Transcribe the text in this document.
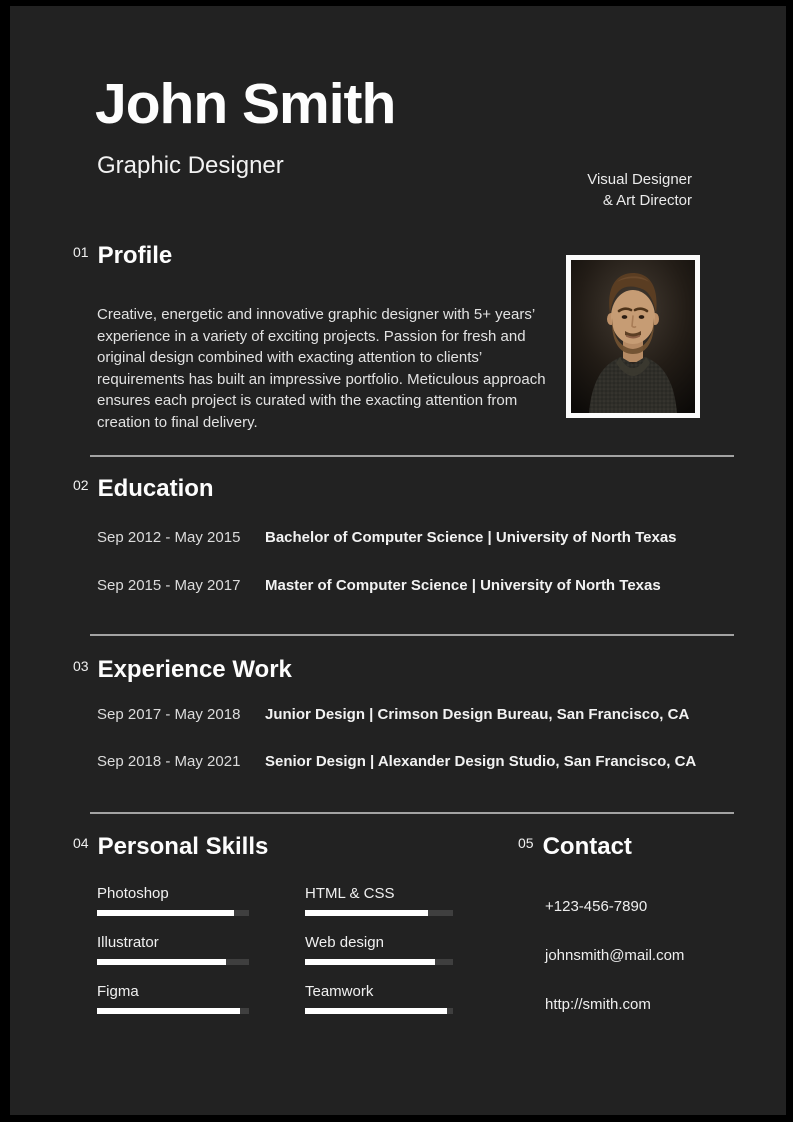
John Smith
Graphic Designer
Visual Designer
& Art Director
01 Profile

Creative, energetic and innovative graphic designer with 5+ years’ experience in a variety of exciting projects. Passion for fresh and original design combined with exacting attention to clients’ requirements has built an impressive portfolio. Meticulous approach ensures each project is curated with the exacting attention from creation to final delivery.

02 Education
Sep 2012 - May 2015	Bachelor of Computer Science | University of North Texas
Sep 2015 - May 2017	Master of Computer Science | University of North Texas
03 Experience Work
Sep 2017 - May 2018	Junior Design | Crimson Design Bureau, San Francisco, CA
Sep 2018 - May 2021	Senior Design | Alexander Design Studio, San Francisco, CA
04 Personal Skills
Photoshop	HTML & CSS
Illustrator	Web design
Figma	Teamwork
05 Contact
+123-456-7890
johnsmith@mail.com
http://smith.com
